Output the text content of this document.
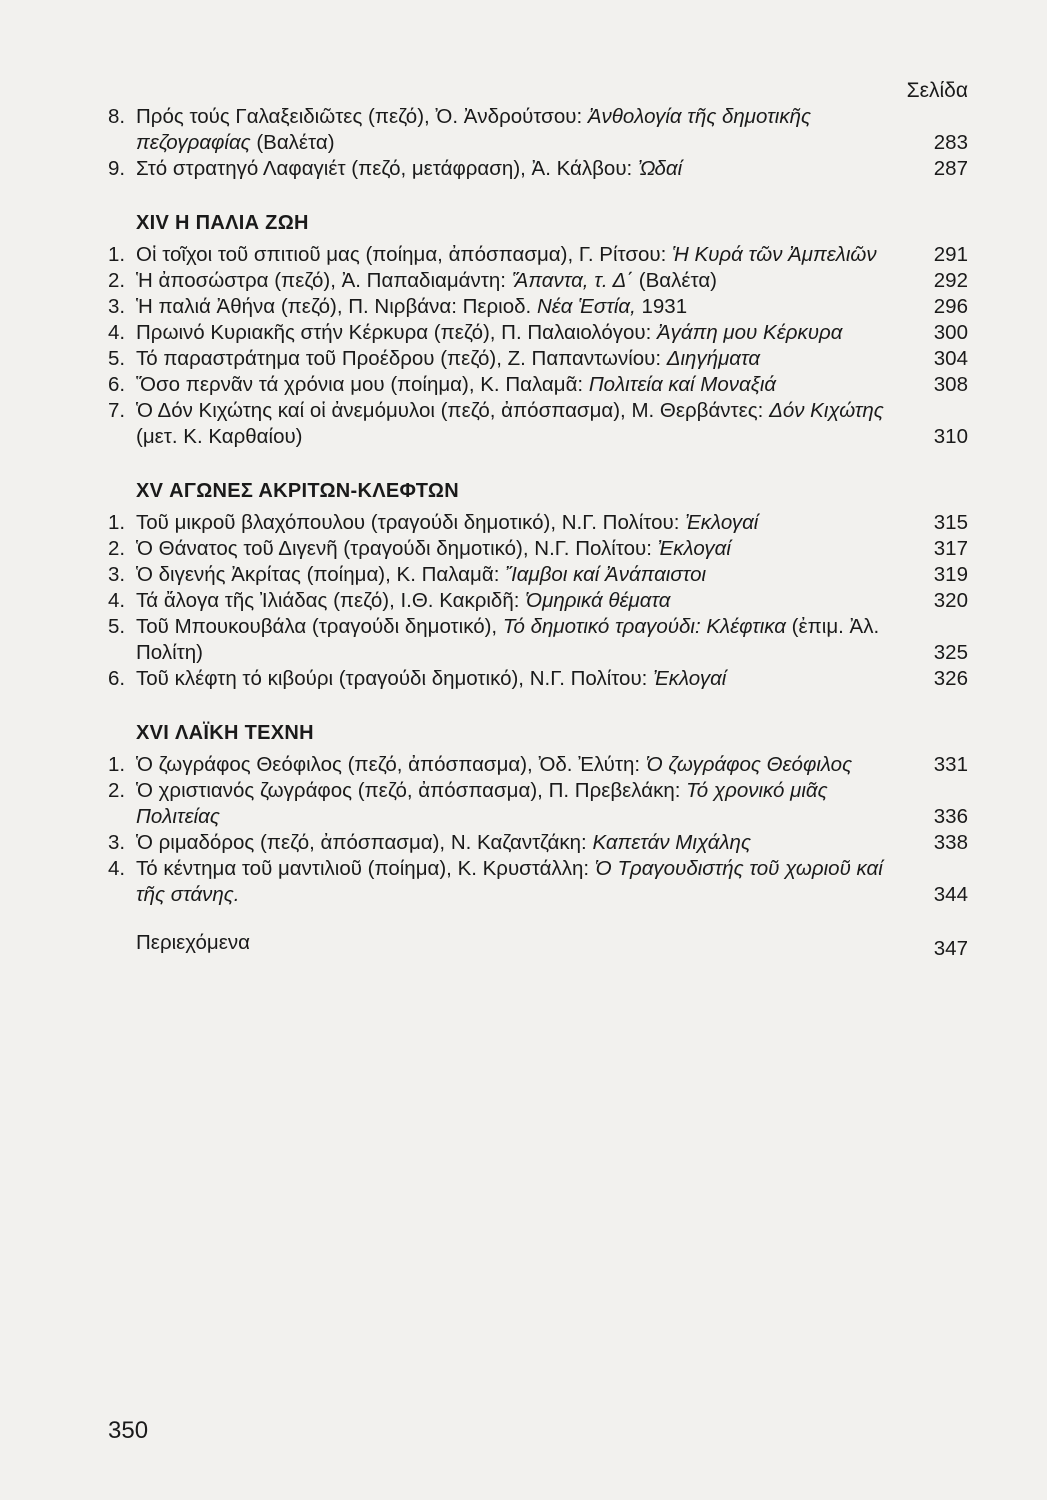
Σελίδα
8. Πρός τούς Γαλαξειδιῶτες (πεζό), Ὀ. Ἀνδρούτσου: Ἀνθολογία τῆς δημοτικῆς πεζογραφίας (Βαλέτα)	283
9. Στό στρατηγό Λαφαγιέτ (πεζό, μετάφραση), Ἀ. Κάλβου: Ὠδαί	287
XIV Η ΠΑΛΙΑ ΖΩΗ
1. Οἱ τοῖχοι τοῦ σπιτιοῦ μας (ποίημα, ἀπόσπασμα), Γ. Ρίτσου: Ἡ Κυρά τῶν Ἀμπελιῶν	291
2. Ἡ ἀποσώστρα (πεζό), Ἀ. Παπαδιαμάντη: Ἅπαντα, τ. Δ΄ (Βαλέτα)	292
3. Ἡ παλιά Ἀθήνα (πεζό), Π. Νιρβάνα: Περιοδ. Νέα Ἑστία, 1931	296
4. Πρωινό Κυριακῆς στήν Κέρκυρα (πεζό), Π. Παλαιολόγου: Ἀγάπη μου Κέρκυρα	300
5. Τό παραστράτημα τοῦ Προέδρου (πεζό), Ζ. Παπαντωνίου: Διηγήματα	304
6. Ὅσο περνᾶν τά χρόνια μου (ποίημα), Κ. Παλαμᾶ: Πολιτεία καί Μοναξιά	308
7. Ὁ Δόν Κιχώτης καί οἱ ἀνεμόμυλοι (πεζό, ἀπόσπασμα), Μ. Θερβάντες: Δόν Κιχώτης (μετ. Κ. Καρθαίου)	310
XV ΑΓΩΝΕΣ ΑΚΡΙΤΩΝ-ΚΛΕΦΤΩΝ
1. Τοῦ μικροῦ βλαχόπουλου (τραγούδι δημοτικό), Ν.Γ. Πολίτου: Ἐκλογαί	315
2. Ὁ Θάνατος τοῦ Διγενῆ (τραγούδι δημοτικό), Ν.Γ. Πολίτου: Ἐκλογαί	317
3. Ὁ διγενής Ἀκρίτας (ποίημα), Κ. Παλαμᾶ: Ἴαμβοι καί Ἀνάπαιστοι	319
4. Τά ἄλογα τῆς Ἰλιάδας (πεζό), Ι.Θ. Κακριδῆ: Ὁμηρικά θέματα	320
5. Τοῦ Μπουκουβάλα (τραγούδι δημοτικό), Τό δημοτικό τραγούδι: Κλέφτικα (ἐπιμ. Ἀλ. Πολίτη)	325
6. Τοῦ κλέφτη τό κιβούρι (τραγούδι δημοτικό), Ν.Γ. Πολίτου: Ἐκλογαί	326
XVI ΛΑΪΚΗ ΤΕΧΝΗ
1. Ὁ ζωγράφος Θεόφιλος (πεζό, ἀπόσπασμα), Ὀδ. Ἐλύτη: Ὁ ζωγράφος Θεόφιλος	331
2. Ὁ χριστιανός ζωγράφος (πεζό, ἀπόσπασμα), Π. Πρεβελάκη: Τό χρονικό μιᾶς Πολιτείας	336
3. Ὁ ριμαδόρος (πεζό, ἀπόσπασμα), Ν. Καζαντζάκη: Καπετάν Μιχάλης	338
4. Τό κέντημα τοῦ μαντιλιοῦ (ποίημα), Κ. Κρυστάλλη: Ὁ Τραγουδιστής τοῦ χωριοῦ καί τῆς στάνης.	344
Περιεχόμενα	347
350
